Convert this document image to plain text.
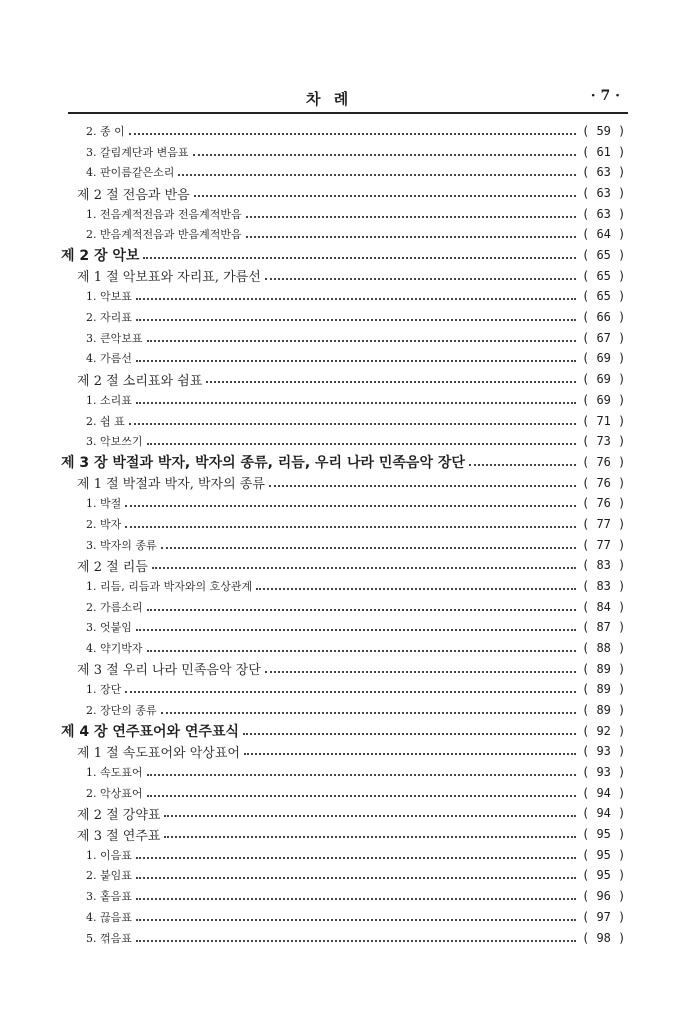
차 례	· 7 ·
2. 종 이	( 59 )
3. 갈림계단과 변음표	( 61 )
4. 판이름같은소리	( 63 )
제 2 절 전음과 반음	( 63 )
1. 전음계적전음과 전음계적반음	( 63 )
2. 반음계적전음과 반음계적반음	( 64 )
제 2 장 악보	( 65 )
제 1 절 악보표와 자리표, 가름선	( 65 )
1. 악보표	( 65 )
2. 자리표	( 66 )
3. 큰악보표	( 67 )
4. 가름선	( 69 )
제 2 절 소리표와 쉼표	( 69 )
1. 소리표	( 69 )
2. 쉼 표	( 71 )
3. 악보쓰기	( 73 )
제 3 장 박절과 박자, 박자의 종류, 리듬, 우리 나라 민족음악 장단	( 76 )
제 1 절 박절과 박자, 박자의 종류	( 76 )
1. 박절	( 76 )
2. 박자	( 77 )
3. 박자의 종류	( 77 )
제 2 절 리듬	( 83 )
1. 리듬, 리듬과 박자와의 호상관계	( 83 )
2. 가름소리	( 84 )
3. 엇붙임	( 87 )
4. 약기박자	( 88 )
제 3 절 우리 나라 민족음악 장단	( 89 )
1. 장단	( 89 )
2. 장단의 종류	( 89 )
제 4 장 연주표어와 연주표식	( 92 )
제 1 절 속도표어와 악상표어	( 93 )
1. 속도표어	( 93 )
2. 악상표어	( 94 )
제 2 절 강약표	( 94 )
제 3 절 연주표	( 95 )
1. 이음표	( 95 )
2. 붙임표	( 95 )
3. 홑음표	( 96 )
4. 끊음표	( 97 )
5. 꺾음표	( 98 )
